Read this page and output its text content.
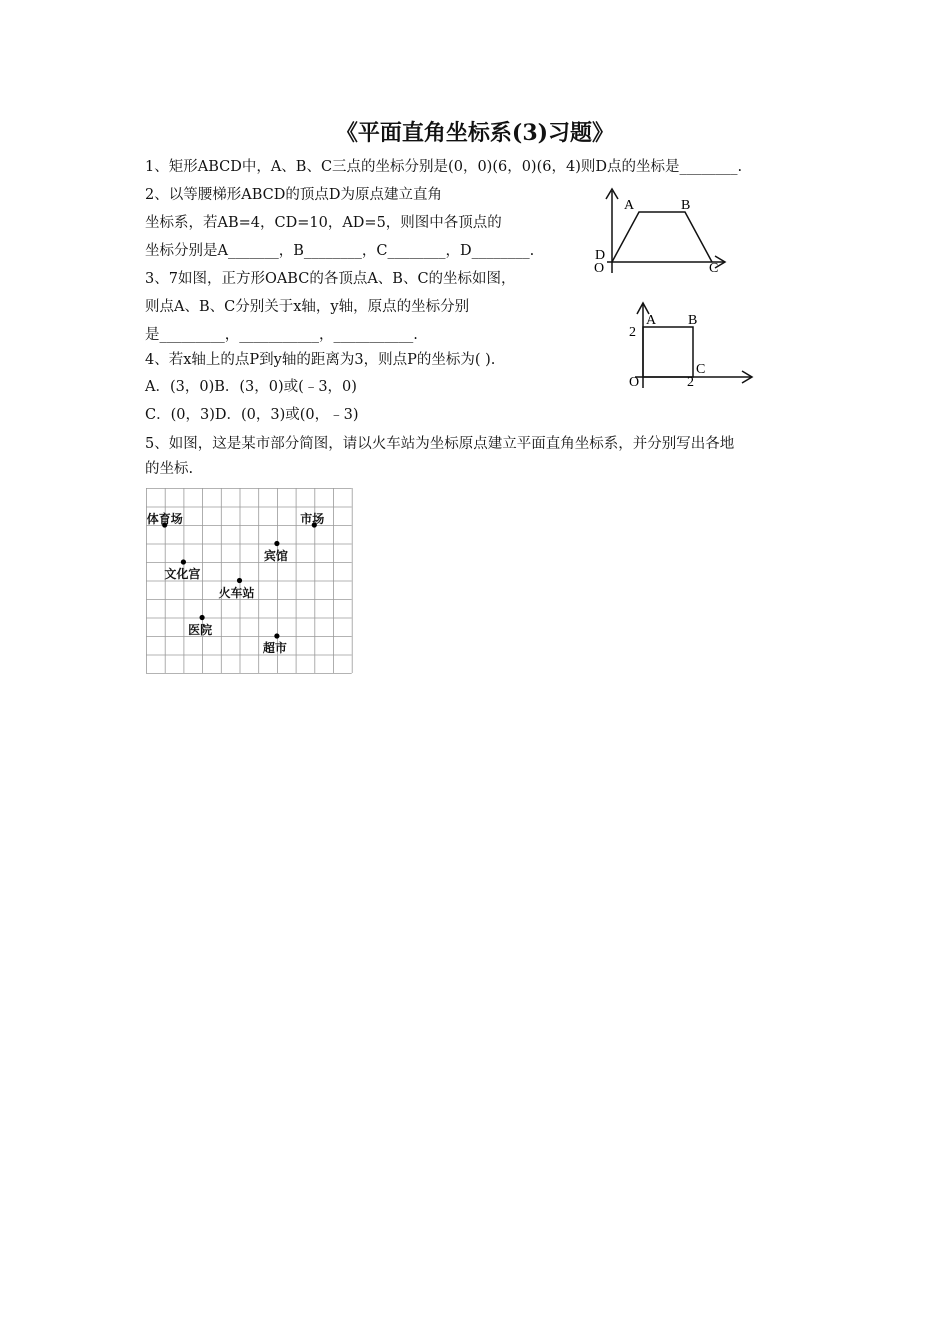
《平面直角坐标系(3)习题》
1、矩形ABCD中，A、B、C三点的坐标分别是(0，0)(6，0)(6，4)则D点的坐标是________.
2、以等腰梯形ABCD的顶点D为原点建立直角
坐标系，若AB=4，CD=10，AD=5，则图中各顶点的
坐标分别是A_______，B________，C________，D________.
3、7如图，正方形OABC的各顶点A、B、C的坐标如图，
则点A、B、C分别关于x轴，y轴，原点的坐标分别
是_________，___________，___________.
4、若x轴上的点P到y轴的距离为3，则点P的坐标为( ).
A．(3，0)B．(3，0)或(﹣3，0)
C．(0，3)D．(0，3)或(0，﹣3)
5、如图，这是某市部分简图，请以火车站为坐标原点建立平面直角坐标系，并分别写出各地
的坐标.
A	B
D
O	C
A B
C
O
2
2
体育场	市场
宾馆
文化宫
火车站
医院
超市
